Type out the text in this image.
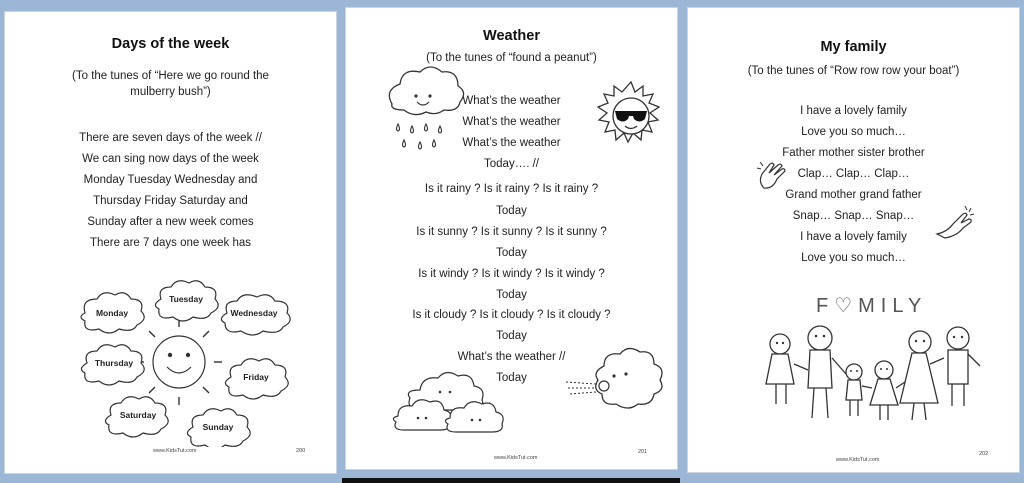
Days of the week
(To the tunes of “Here we go round the mulberry bush”)
There are seven days of the week //
We can sing now days of the week
Monday Tuesday Wednesday and
Thursday Friday Saturday and
Sunday after a new week comes
There are 7 days one week has
Monday
Tuesday
Wednesday
Thursday
Friday
Saturday
Sunday
www.KidsTut.com	200
Weather
(To the tunes of “found a peanut”)
What’s the weather
What’s the weather
What’s the weather
Today…. //
Is it rainy ? Is it rainy ? Is it rainy ?
Today
Is it sunny ? Is it sunny ? Is it sunny ?
Today
Is it windy ? Is it windy ? Is it windy ?
Today
Is it cloudy ? Is it cloudy ? Is it cloudy ?
Today
What’s the weather //
Today
www.KidsTut.com
201
My family
(To the tunes of “Row row row your boat”)
I have a lovely family
Love you so much…
Father mother sister brother
Clap… Clap… Clap…
Grand mother grand father
Snap… Snap… Snap…
I have a lovely family
Love you so much…
F♡MILY
www.KidsTut.com
202
